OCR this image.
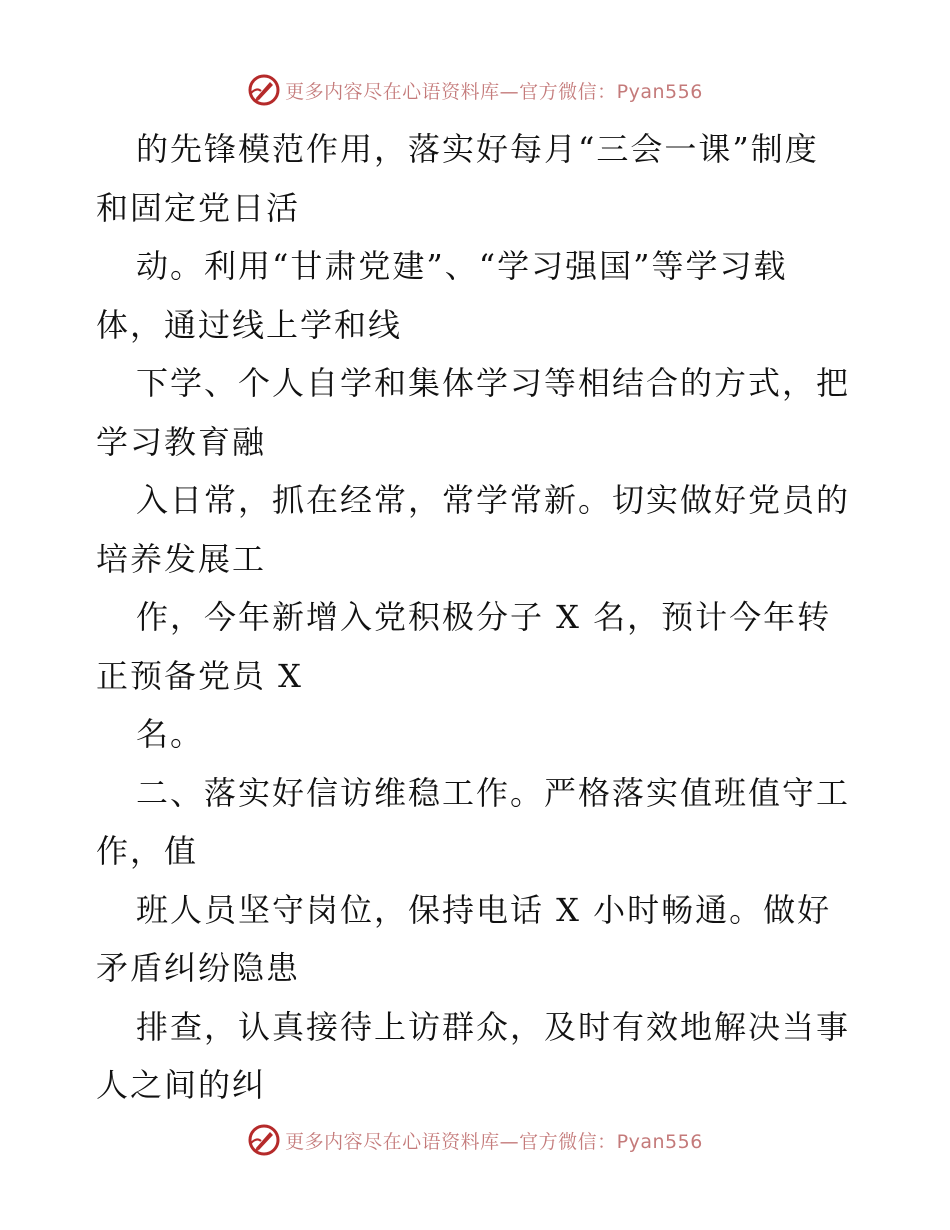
更多内容尽在心语资料库—官方微信：Pyan556
的先锋模范作用，落实好每月“三会一课”制度
和固定党日活
动。利用“甘肃党建”、“学习强国”等学习载
体，通过线上学和线
下学、个人自学和集体学习等相结合的方式，把
学习教育融
入日常，抓在经常，常学常新。切实做好党员的
培养发展工
作，今年新增入党积极分子 X 名，预计今年转
正预备党员 X
名。
二、落实好信访维稳工作。严格落实值班值守工
作，值
班人员坚守岗位，保持电话 X 小时畅通。做好
矛盾纠纷隐患
排查，认真接待上访群众，及时有效地解决当事
人之间的纠
更多内容尽在心语资料库—官方微信：Pyan556
